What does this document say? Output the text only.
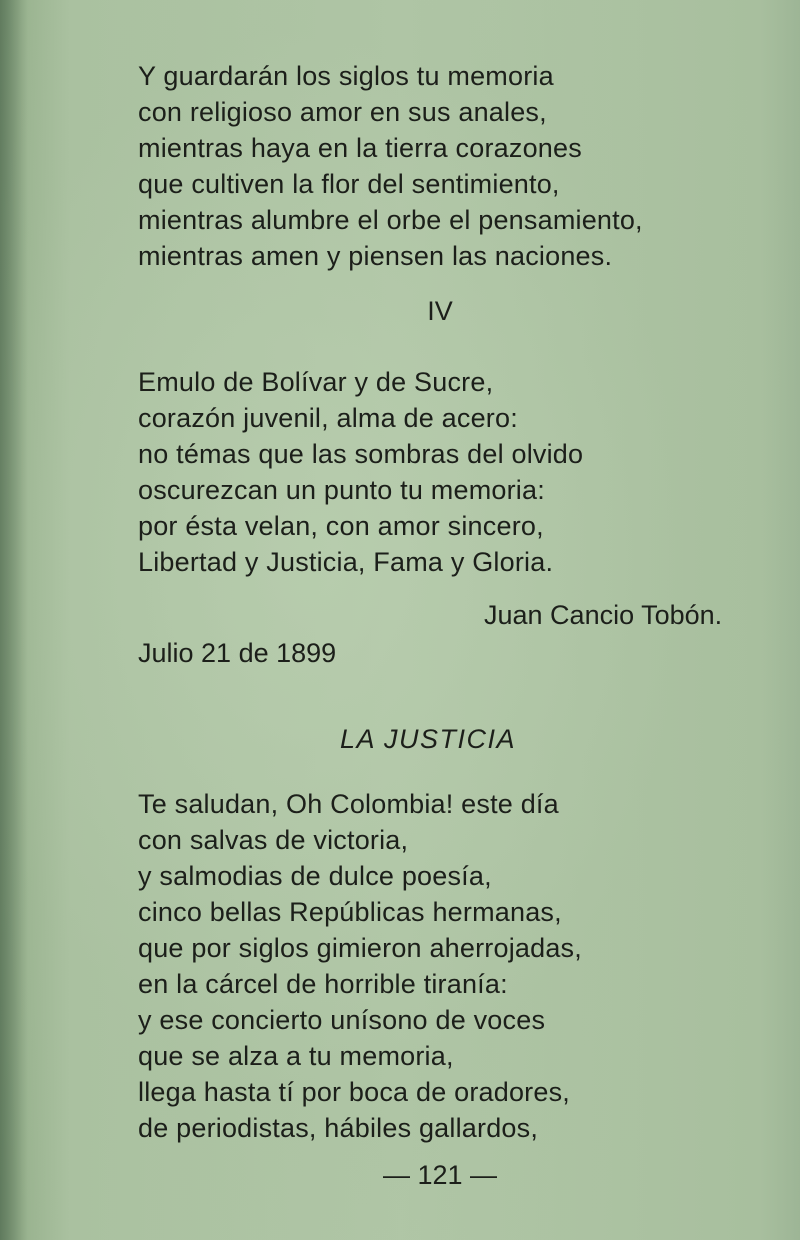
Y guardarán los siglos tu memoria
con religioso amor en sus anales,
mientras haya en la tierra corazones
que cultiven la flor del sentimiento,
mientras alumbre el orbe el pensamiento,
mientras amen y piensen las naciones.
IV
Emulo de Bolívar y de Sucre,
corazón juvenil, alma de acero:
no témas que las sombras del olvido
oscurezcan un punto tu memoria:
por ésta velan, con amor sincero,
Libertad y Justicia, Fama y Gloria.
Juan Cancio Tobón.
Julio 21 de 1899
LA JUSTICIA
Te saludan, Oh Colombia! este día
con salvas de victoria,
y salmodias de dulce poesía,
cinco bellas Repúblicas hermanas,
que por siglos gimieron aherrojadas,
en la cárcel de horrible tiranía:
y ese concierto unísono de voces
que se alza a tu memoria,
llega hasta tí por boca de oradores,
de periodistas, hábiles gallardos,
— 121 —
